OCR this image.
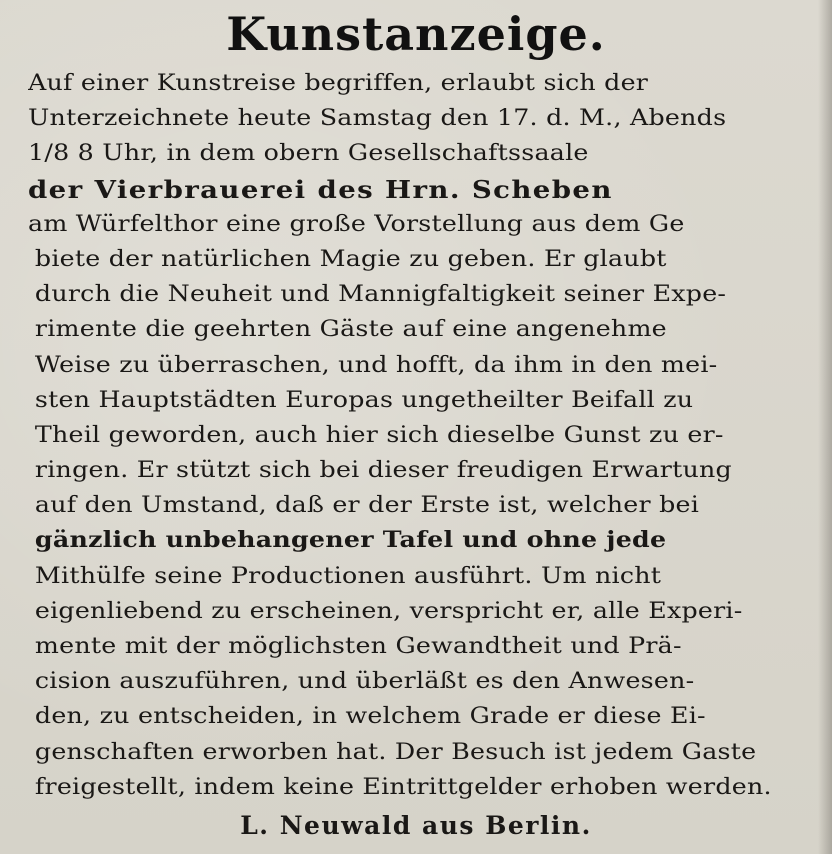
Kunstanzeige.
Auf einer Kunstreise begriffen, erlaubt sich der
Unterzeichnete heute Samstag den 17. d. M., Abends
1/8 8 Uhr, in dem obern Gesellschaftssaale
der Vierbrauerei des Hrn. Scheben
am Würfelthor eine große Vorstellung aus dem Ge
biete der natürlichen Magie zu geben. Er glaubt
durch die Neuheit und Mannigfaltigkeit seiner Expe-
rimente die geehrten Gäste auf eine angenehme
Weise zu überraschen, und hofft, da ihm in den mei-
sten Hauptstädten Europas ungetheilter Beifall zu
Theil geworden, auch hier sich dieselbe Gunst zu er-
ringen. Er stützt sich bei dieser freudigen Erwartung
auf den Umstand, daß er der Erste ist, welcher bei
gänzlich unbehangener Tafel und ohne jede
Mithülfe seine Productionen ausführt. Um nicht
eigenliebend zu erscheinen, verspricht er, alle Experi-
mente mit der möglichsten Gewandtheit und Prä-
cision auszuführen, und überläßt es den Anwesen-
den, zu entscheiden, in welchem Grade er diese Ei-
genschaften erworben hat. Der Besuch ist jedem Gaste
freigestellt, indem keine Eintrittgelder erhoben werden.
L. Neuwald aus Berlin.
